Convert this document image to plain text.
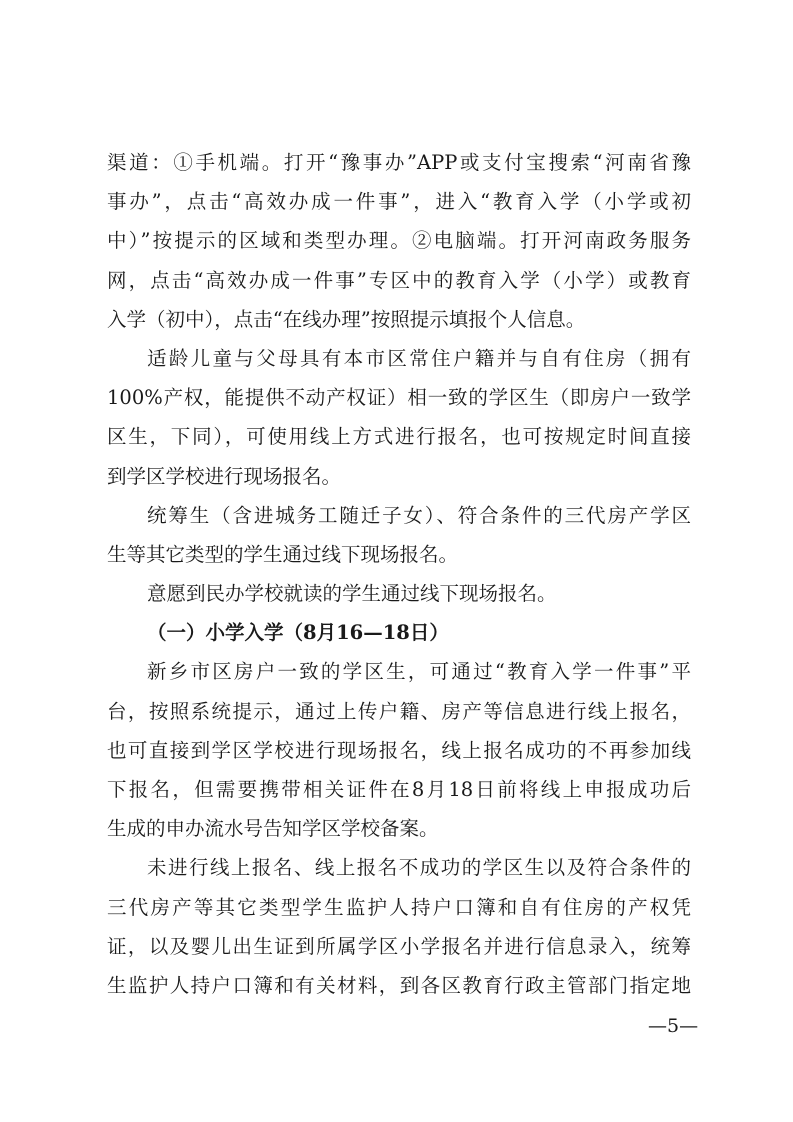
渠道：①手机端。打开“豫事办”APP或支付宝搜索“河南省豫
事办”，点击“高效办成一件事”，进入“教育入学（小学或初
中）”按提示的区域和类型办理。②电脑端。打开河南政务服务
网，点击“高效办成一件事”专区中的教育入学（小学）或教育
入学（初中），点击“在线办理”按照提示填报个人信息。
适龄儿童与父母具有本市区常住户籍并与自有住房（拥有
100%产权，能提供不动产权证）相一致的学区生（即房户一致学
区生，下同），可使用线上方式进行报名，也可按规定时间直接
到学区学校进行现场报名。
统筹生（含进城务工随迁子女）、符合条件的三代房产学区
生等其它类型的学生通过线下现场报名。
意愿到民办学校就读的学生通过线下现场报名。
（一）小学入学（8月16—18日）
新乡市区房户一致的学区生，可通过“教育入学一件事”平
台，按照系统提示，通过上传户籍、房产等信息进行线上报名，
也可直接到学区学校进行现场报名，线上报名成功的不再参加线
下报名，但需要携带相关证件在8月18日前将线上申报成功后
生成的申办流水号告知学区学校备案。
未进行线上报名、线上报名不成功的学区生以及符合条件的
三代房产等其它类型学生监护人持户口簿和自有住房的产权凭
证，以及婴儿出生证到所属学区小学报名并进行信息录入，统筹
生监护人持户口簿和有关材料，到各区教育行政主管部门指定地
—5—
